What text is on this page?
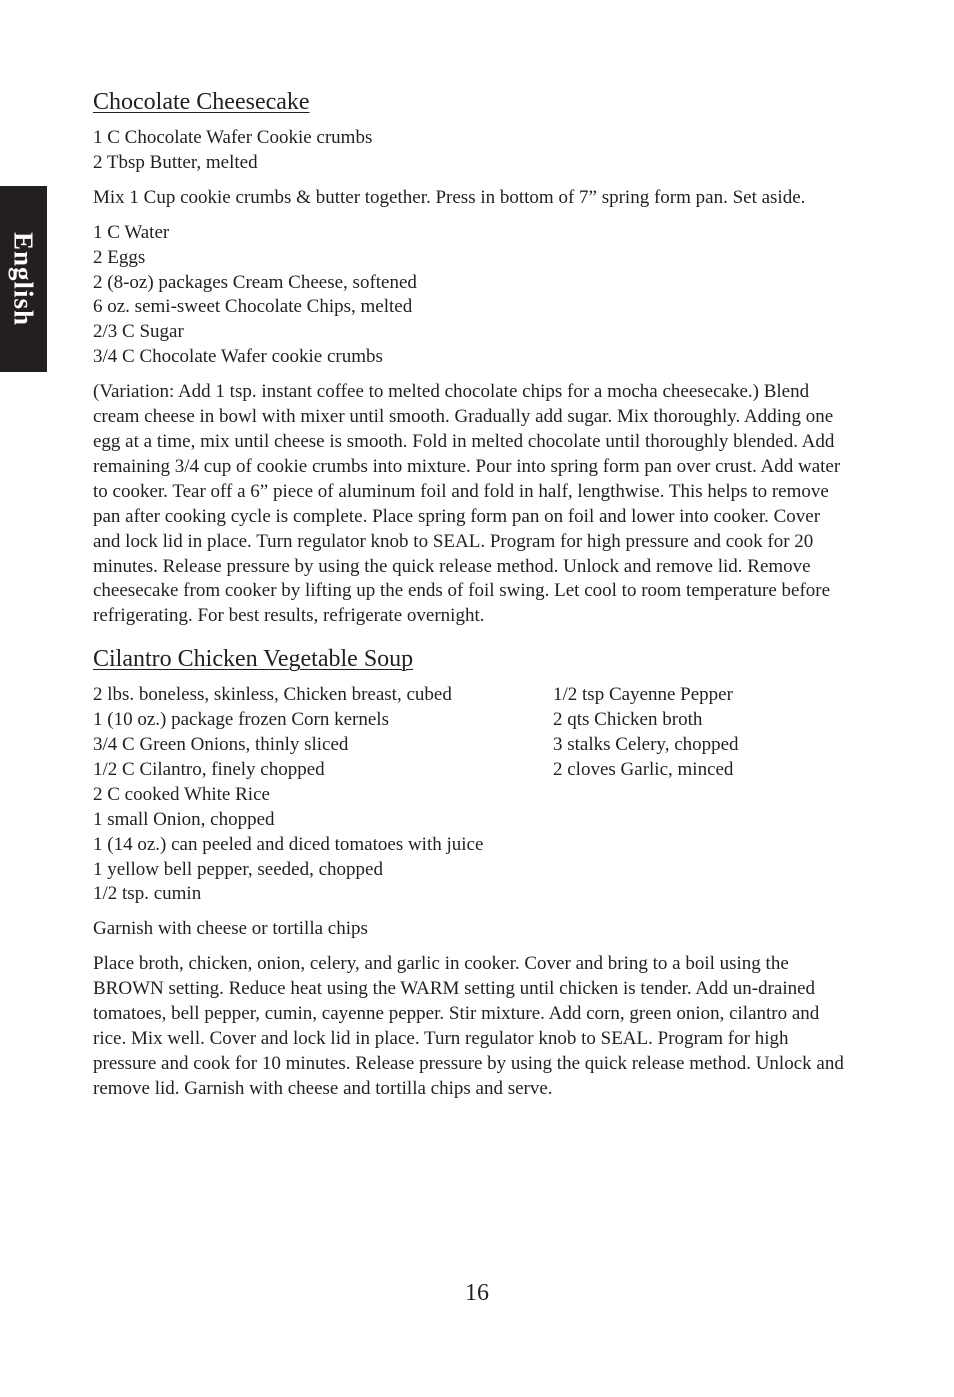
English
Chocolate Cheesecake
1 C Chocolate Wafer Cookie crumbs
2 Tbsp Butter, melted

Mix 1 Cup cookie crumbs & butter together. Press in bottom of 7” spring form pan. Set aside.

1 C Water
2 Eggs
2 (8-oz) packages Cream Cheese, softened
6 oz. semi-sweet Chocolate Chips, melted
2/3 C Sugar
3/4 C Chocolate Wafer cookie crumbs

(Variation: Add 1 tsp. instant coffee to melted chocolate chips for a mocha cheesecake.) Blend cream cheese in bowl with mixer until smooth. Gradually add sugar. Mix thoroughly. Adding one egg at a time, mix until cheese is smooth. Fold in melted chocolate until thoroughly blended. Add remaining 3/4 cup of cookie crumbs into mixture. Pour into spring form pan over crust. Add water to cooker. Tear off a 6” piece of aluminum foil and fold in half, lengthwise. This helps to remove pan after cooking cycle is complete. Place spring form pan on foil and lower into cooker. Cover and lock lid in place. Turn regulator knob to SEAL. Program for high pressure and cook for 20 minutes. Release pressure by using the quick release method. Unlock and remove lid. Remove cheesecake from cooker by lifting up the ends of foil swing. Let cool to room temperature before refrigerating. For best results, refrigerate overnight.

Cilantro Chicken Vegetable Soup
2 lbs. boneless, skinless, Chicken breast, cubed
1 (10 oz.) package frozen Corn kernels
3/4 C Green Onions, thinly sliced
1/2 C Cilantro, finely chopped
2 C cooked White Rice
1 small Onion, chopped
1 (14 oz.) can peeled and diced tomatoes with juice
1 yellow bell pepper, seeded, chopped
1/2 tsp. cumin
1/2 tsp Cayenne Pepper
2 qts Chicken broth
3 stalks Celery, chopped
2 cloves Garlic, minced

Garnish with cheese or tortilla chips

Place broth, chicken, onion, celery, and garlic in cooker. Cover and bring to a boil using the BROWN setting. Reduce heat using the WARM setting until chicken is tender. Add un-drained tomatoes, bell pepper, cumin, cayenne pepper. Stir mixture. Add corn, green onion, cilantro and rice. Mix well. Cover and lock lid in place. Turn regulator knob to SEAL. Program for high pressure and cook for 10 minutes. Release pressure by using the quick release method. Unlock and remove lid. Garnish with cheese and tortilla chips and serve.

16
